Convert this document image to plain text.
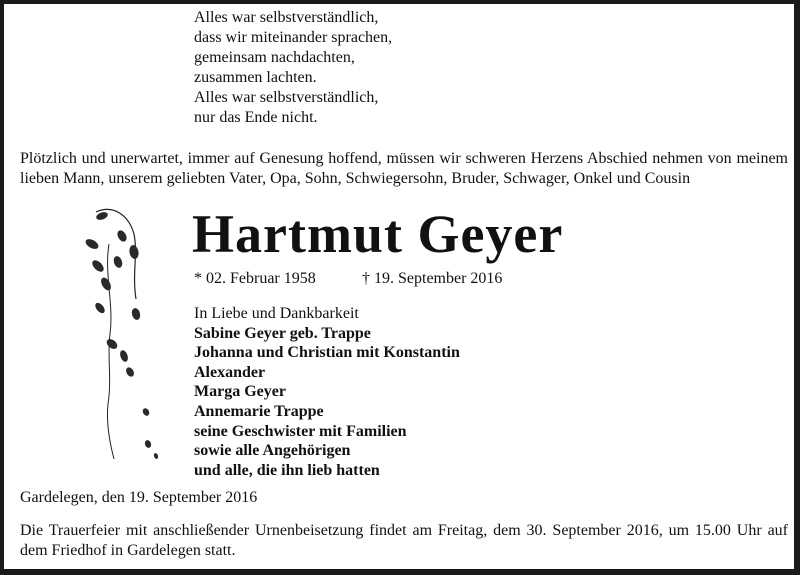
Alles war selbstverständlich,
dass wir miteinander sprachen,
gemeinsam nachdachten,
zusammen lachten.
Alles war selbstverständlich,
nur das Ende nicht.
Plötzlich und unerwartet, immer auf Genesung hoffend, müssen wir schweren Herzens Abschied nehmen von meinem lieben Mann, unserem geliebten Vater, Opa, Sohn, Schwiegersohn, Bruder, Schwager, Onkel und Cousin
Hartmut Geyer
* 02. Februar 1958	† 19. September 2016
In Liebe und Dankbarkeit
Sabine Geyer geb. Trappe
Johanna und Christian mit Konstantin
Alexander
Marga Geyer
Annemarie Trappe
seine Geschwister mit Familien
sowie alle Angehörigen
und alle, die ihn lieb hatten
Gardelegen, den 19. September 2016
Die Trauerfeier mit anschließender Urnenbeisetzung findet am Freitag, dem 30. September 2016, um 15.00 Uhr auf dem Friedhof in Gardelegen statt.
